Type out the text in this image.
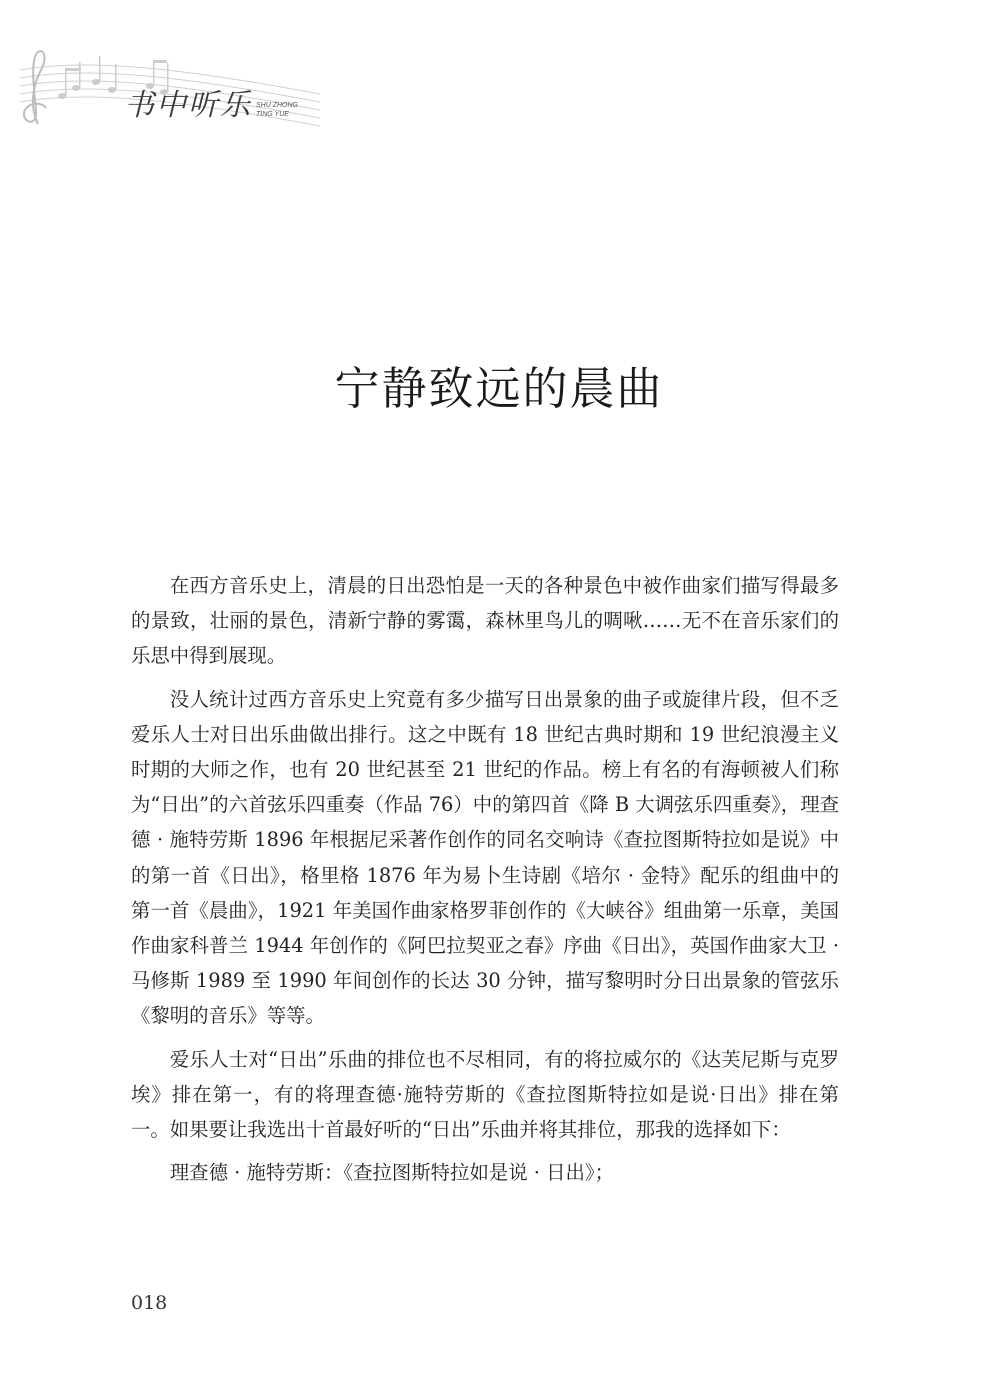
书中听乐 SHU ZHONG
TING YUE
宁静致远的晨曲

在西方音乐史上，清晨的日出恐怕是一天的各种景色中被作曲家们描写得最多的景致，壮丽的景色，清新宁静的雾霭，森林里鸟儿的啁啾……无不在音乐家们的乐思中得到展现。

没人统计过西方音乐史上究竟有多少描写日出景象的曲子或旋律片段，但不乏爱乐人士对日出乐曲做出排行。这之中既有 18 世纪古典时期和 19 世纪浪漫主义时期的大师之作，也有 20 世纪甚至 21 世纪的作品。榜上有名的有海顿被人们称为“日出”的六首弦乐四重奏（作品 76）中的第四首《降 B 大调弦乐四重奏》，理查德 · 施特劳斯 1896 年根据尼采著作创作的同名交响诗《查拉图斯特拉如是说》中的第一首《日出》，格里格 1876 年为易卜生诗剧《培尔 · 金特》配乐的组曲中的第一首《晨曲》，1921 年美国作曲家格罗菲创作的《大峡谷》组曲第一乐章，美国作曲家科普兰 1944 年创作的《阿巴拉契亚之春》序曲《日出》，英国作曲家大卫 · 马修斯 1989 至 1990 年间创作的长达 30 分钟，描写黎明时分日出景象的管弦乐《黎明的音乐》等等。

爱乐人士对“日出”乐曲的排位也不尽相同，有的将拉威尔的《达芙尼斯与克罗埃》排在第一，有的将理查德·施特劳斯的《查拉图斯特拉如是说·日出》排在第一。如果要让我选出十首最好听的“日出”乐曲并将其排位，那我的选择如下：

理查德 · 施特劳斯：《查拉图斯特拉如是说 · 日出》；

018
